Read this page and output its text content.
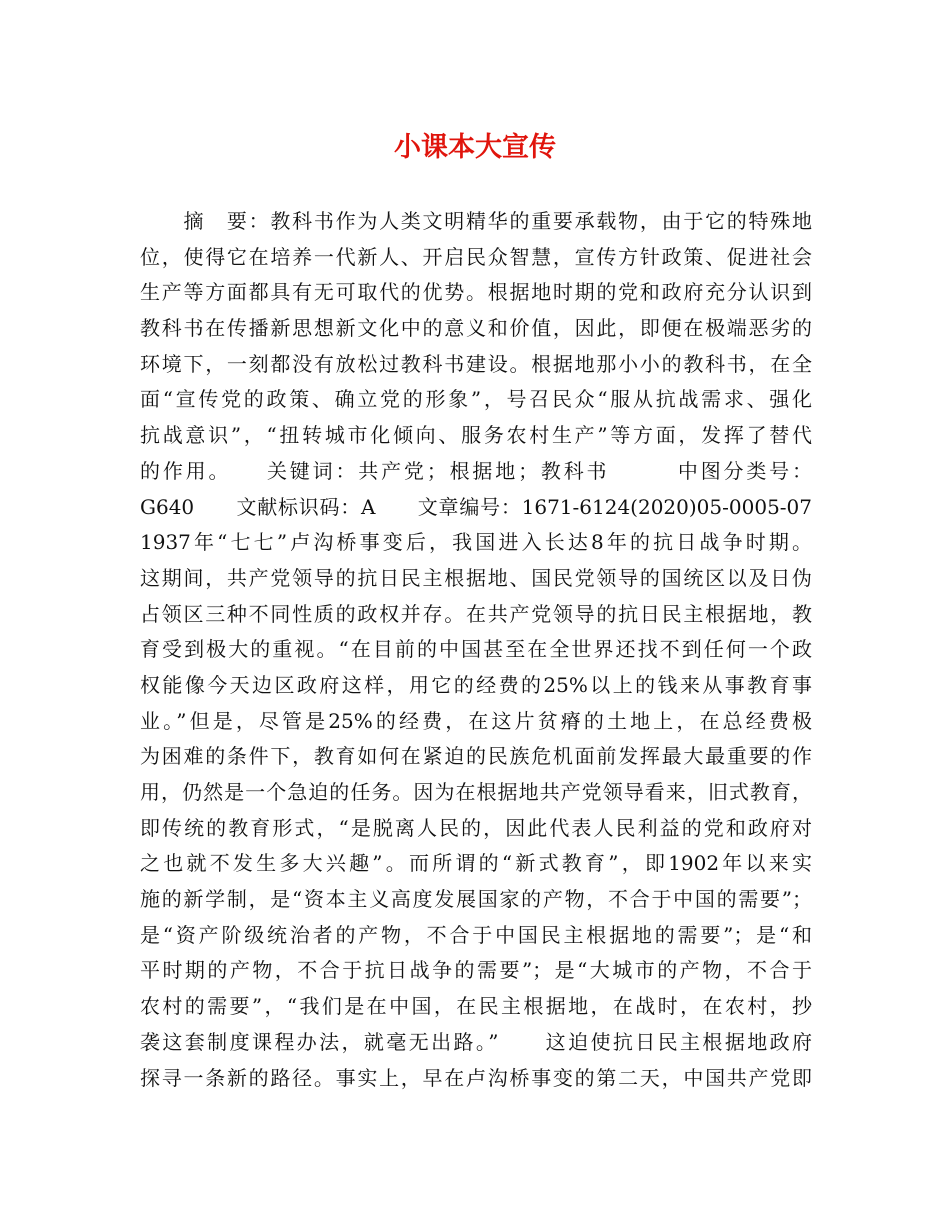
小课本大宣传
　　摘　要：教科书作为人类文明精华的重要承载物，由于它的特殊地
位，使得它在培养一代新人、开启民众智慧，宣传方针政策、促进社会
生产等方面都具有无可取代的优势。根据地时期的党和政府充分认识到
教科书在传播新思想新文化中的意义和价值，因此，即便在极端恶劣的
环境下，一刻都没有放松过教科书建设。根据地那小小的教科书，在全
面“宣传党的政策、确立党的形象”，号召民众“服从抗战需求、强化
抗战意识”，“扭转城市化倾向、服务农村生产”等方面，发挥了替代
的作用。　　关键词：共产党；根据地；教科书　　　中图分类号：
G640　　文献标识码：A　　文章编号：1671-6124(2020)05-0005-07
1937年“七七”卢沟桥事变后，我国进入长达8年的抗日战争时期。
这期间，共产党领导的抗日民主根据地、国民党领导的国统区以及日伪
占领区三种不同性质的政权并存。在共产党领导的抗日民主根据地，教
育受到极大的重视。“在目前的中国甚至在全世界还找不到任何一个政
权能像今天边区政府这样，用它的经费的25%以上的钱来从事教育事
业。”但是，尽管是25%的经费，在这片贫瘠的土地上，在总经费极
为困难的条件下，教育如何在紧迫的民族危机面前发挥最大最重要的作
用，仍然是一个急迫的任务。因为在根据地共产党领导看来，旧式教育，
即传统的教育形式，“是脱离人民的，因此代表人民利益的党和政府对
之也就不发生多大兴趣”。而所谓的“新式教育”，即1902年以来实
施的新学制，是“资本主义高度发展国家的产物，不合于中国的需要”；
是“资产阶级统治者的产物，不合于中国民主根据地的需要”；是“和
平时期的产物，不合于抗日战争的需要”；是“大城市的产物，不合于
农村的需要”，“我们是在中国，在民主根据地，在战时，在农村，抄
袭这套制度课程办法，就毫无出路。”　　这迫使抗日民主根据地政府
探寻一条新的路径。事实上，早在卢沟桥事变的第二天，中国共产党即
